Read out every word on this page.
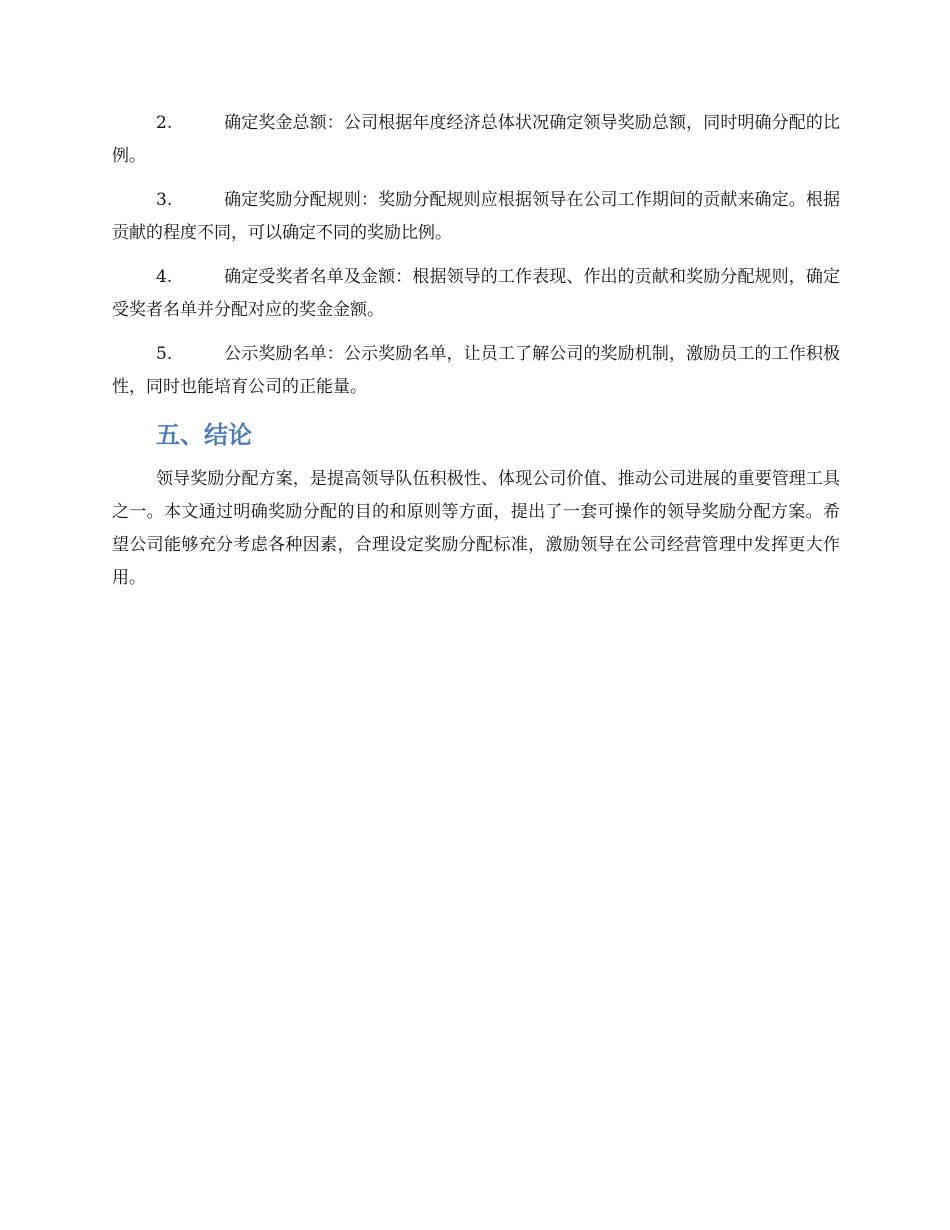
2.	确定奖金总额：公司根据年度经济总体状况确定领导奖励总额，同时明确分配的比例。
3.	确定奖励分配规则：奖励分配规则应根据领导在公司工作期间的贡献来确定。根据贡献的程度不同，可以确定不同的奖励比例。
4.	确定受奖者名单及金额：根据领导的工作表现、作出的贡献和奖励分配规则，确定受奖者名单并分配对应的奖金金额。
5.	公示奖励名单：公示奖励名单，让员工了解公司的奖励机制，激励员工的工作积极性，同时也能培育公司的正能量。
五、结论

领导奖励分配方案，是提高领导队伍积极性、体现公司价值、推动公司进展的重要管理工具之一。本文通过明确奖励分配的目的和原则等方面，提出了一套可操作的领导奖励分配方案。希望公司能够充分考虑各种因素，合理设定奖励分配标准，激励领导在公司经营管理中发挥更大作用。
